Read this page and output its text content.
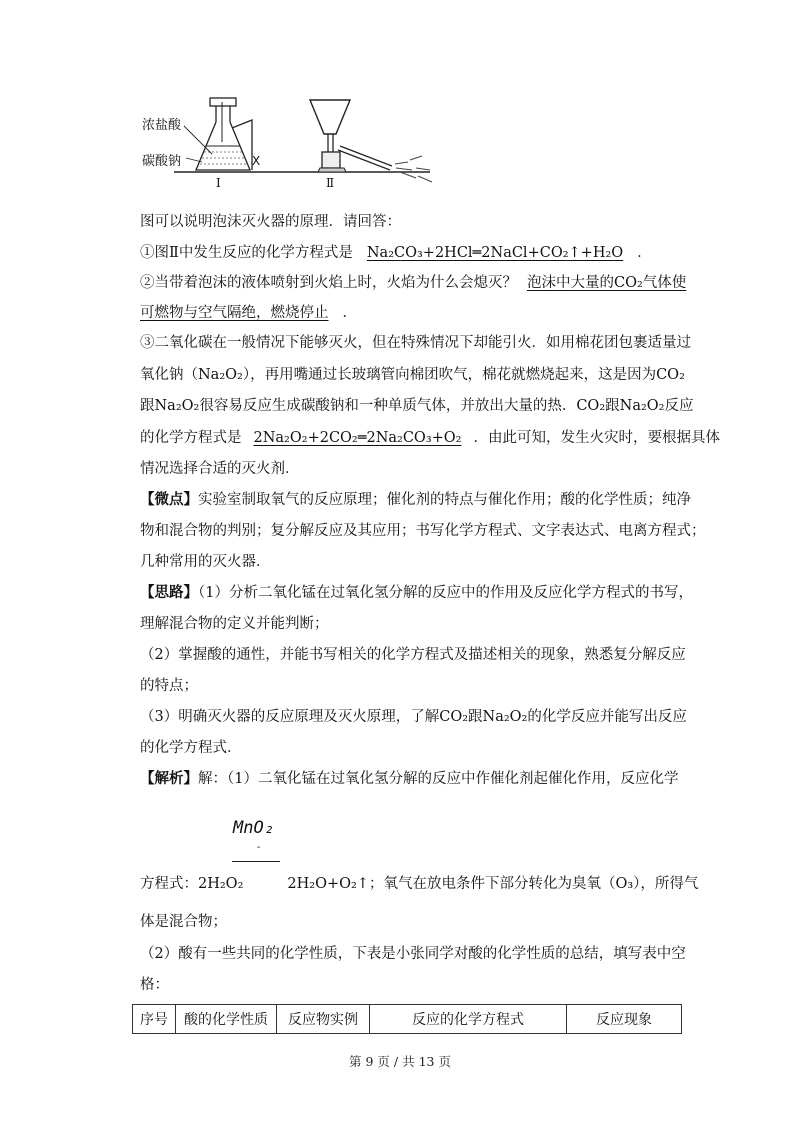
浓盐酸
碳酸钠	X
Ⅰ	Ⅱ
图可以说明泡沫灭火器的原理．请回答：
①图Ⅱ中发生反应的化学方程式是 Na₂CO₃+2HCl═2NaCl+CO₂↑+H₂O ．
②当带着泡沫的液体喷射到火焰上时，火焰为什么会熄灭？ 泡沫中大量的CO₂气体使
可燃物与空气隔绝，燃烧停止 ．
③二氧化碳在一般情况下能够灭火，但在特殊情况下却能引火．如用棉花团包裹适量过
氧化钠（Na₂O₂），再用嘴通过长玻璃管向棉团吹气，棉花就燃烧起来，这是因为CO₂
跟Na₂O₂很容易反应生成碳酸钠和一种单质气体，并放出大量的热．CO₂跟Na₂O₂反应
的化学方程式是 2Na₂O₂+2CO₂═2Na₂CO₃+O₂ ．由此可知，发生火灾时，要根据具体
情况选择合适的灭火剂．
【微点】实验室制取氧气的反应原理；催化剂的特点与催化作用；酸的化学性质；纯净
物和混合物的判别；复分解反应及其应用；书写化学方程式、文字表达式、电离方程式；
几种常用的灭火器．
【思路】（1）分析二氧化锰在过氧化氢分解的反应中的作用及反应化学方程式的书写，
理解混合物的定义并能判断；
（2）掌握酸的通性，并能书写相关的化学方程式及描述相关的现象，熟悉复分解反应
的特点；
（3）明确灭火器的反应原理及灭火原理，了解CO₂跟Na₂O₂的化学反应并能写出反应
的化学方程式．
【解析】解：（1）二氧化锰在过氧化氢分解的反应中作催化剂起催化作用，反应化学
MnO₂
-
方程式：2H₂O₂	2H₂O+O₂↑；氧气在放电条件下部分转化为臭氧（O₃），所得气
体是混合物；
（2）酸有一些共同的化学性质，下表是小张同学对酸的化学性质的总结，填写表中空
格：
序号	酸的化学性质	反应物实例	反应的化学方程式	反应现象
第 9 页 / 共 13 页
